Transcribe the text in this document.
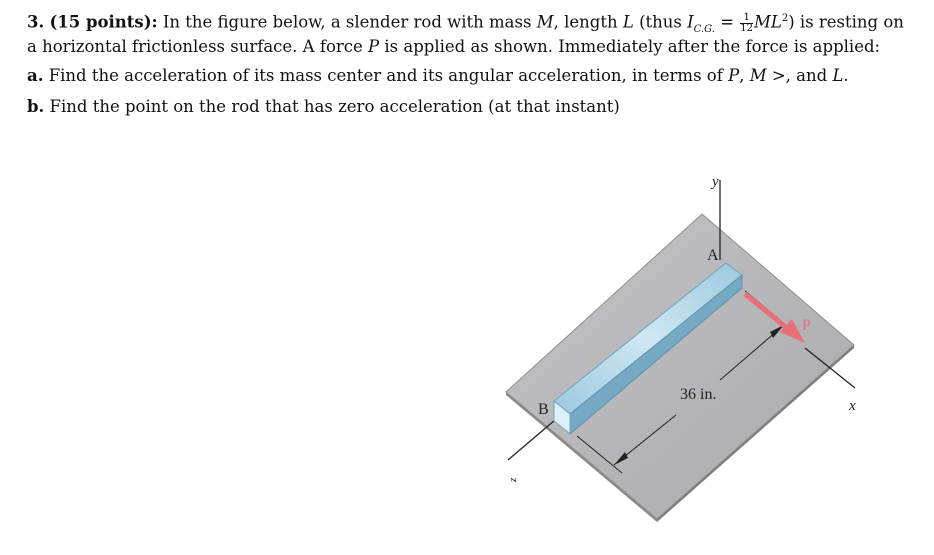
3. (15 points): In the figure below, a slender rod with mass M, length L (thus $I_{C.G.} = \frac{1}{12} ML^2$) is resting on a horizontal frictionless surface. A force P is applied as shown. Immediately after the force is applied:

a. Find the acceleration of its mass center and its angular acceleration, in terms of P, M >, and L.

b. Find the point on the rod that has zero acceleration (at that instant)

y
A
P
B	x
z
36 in.
